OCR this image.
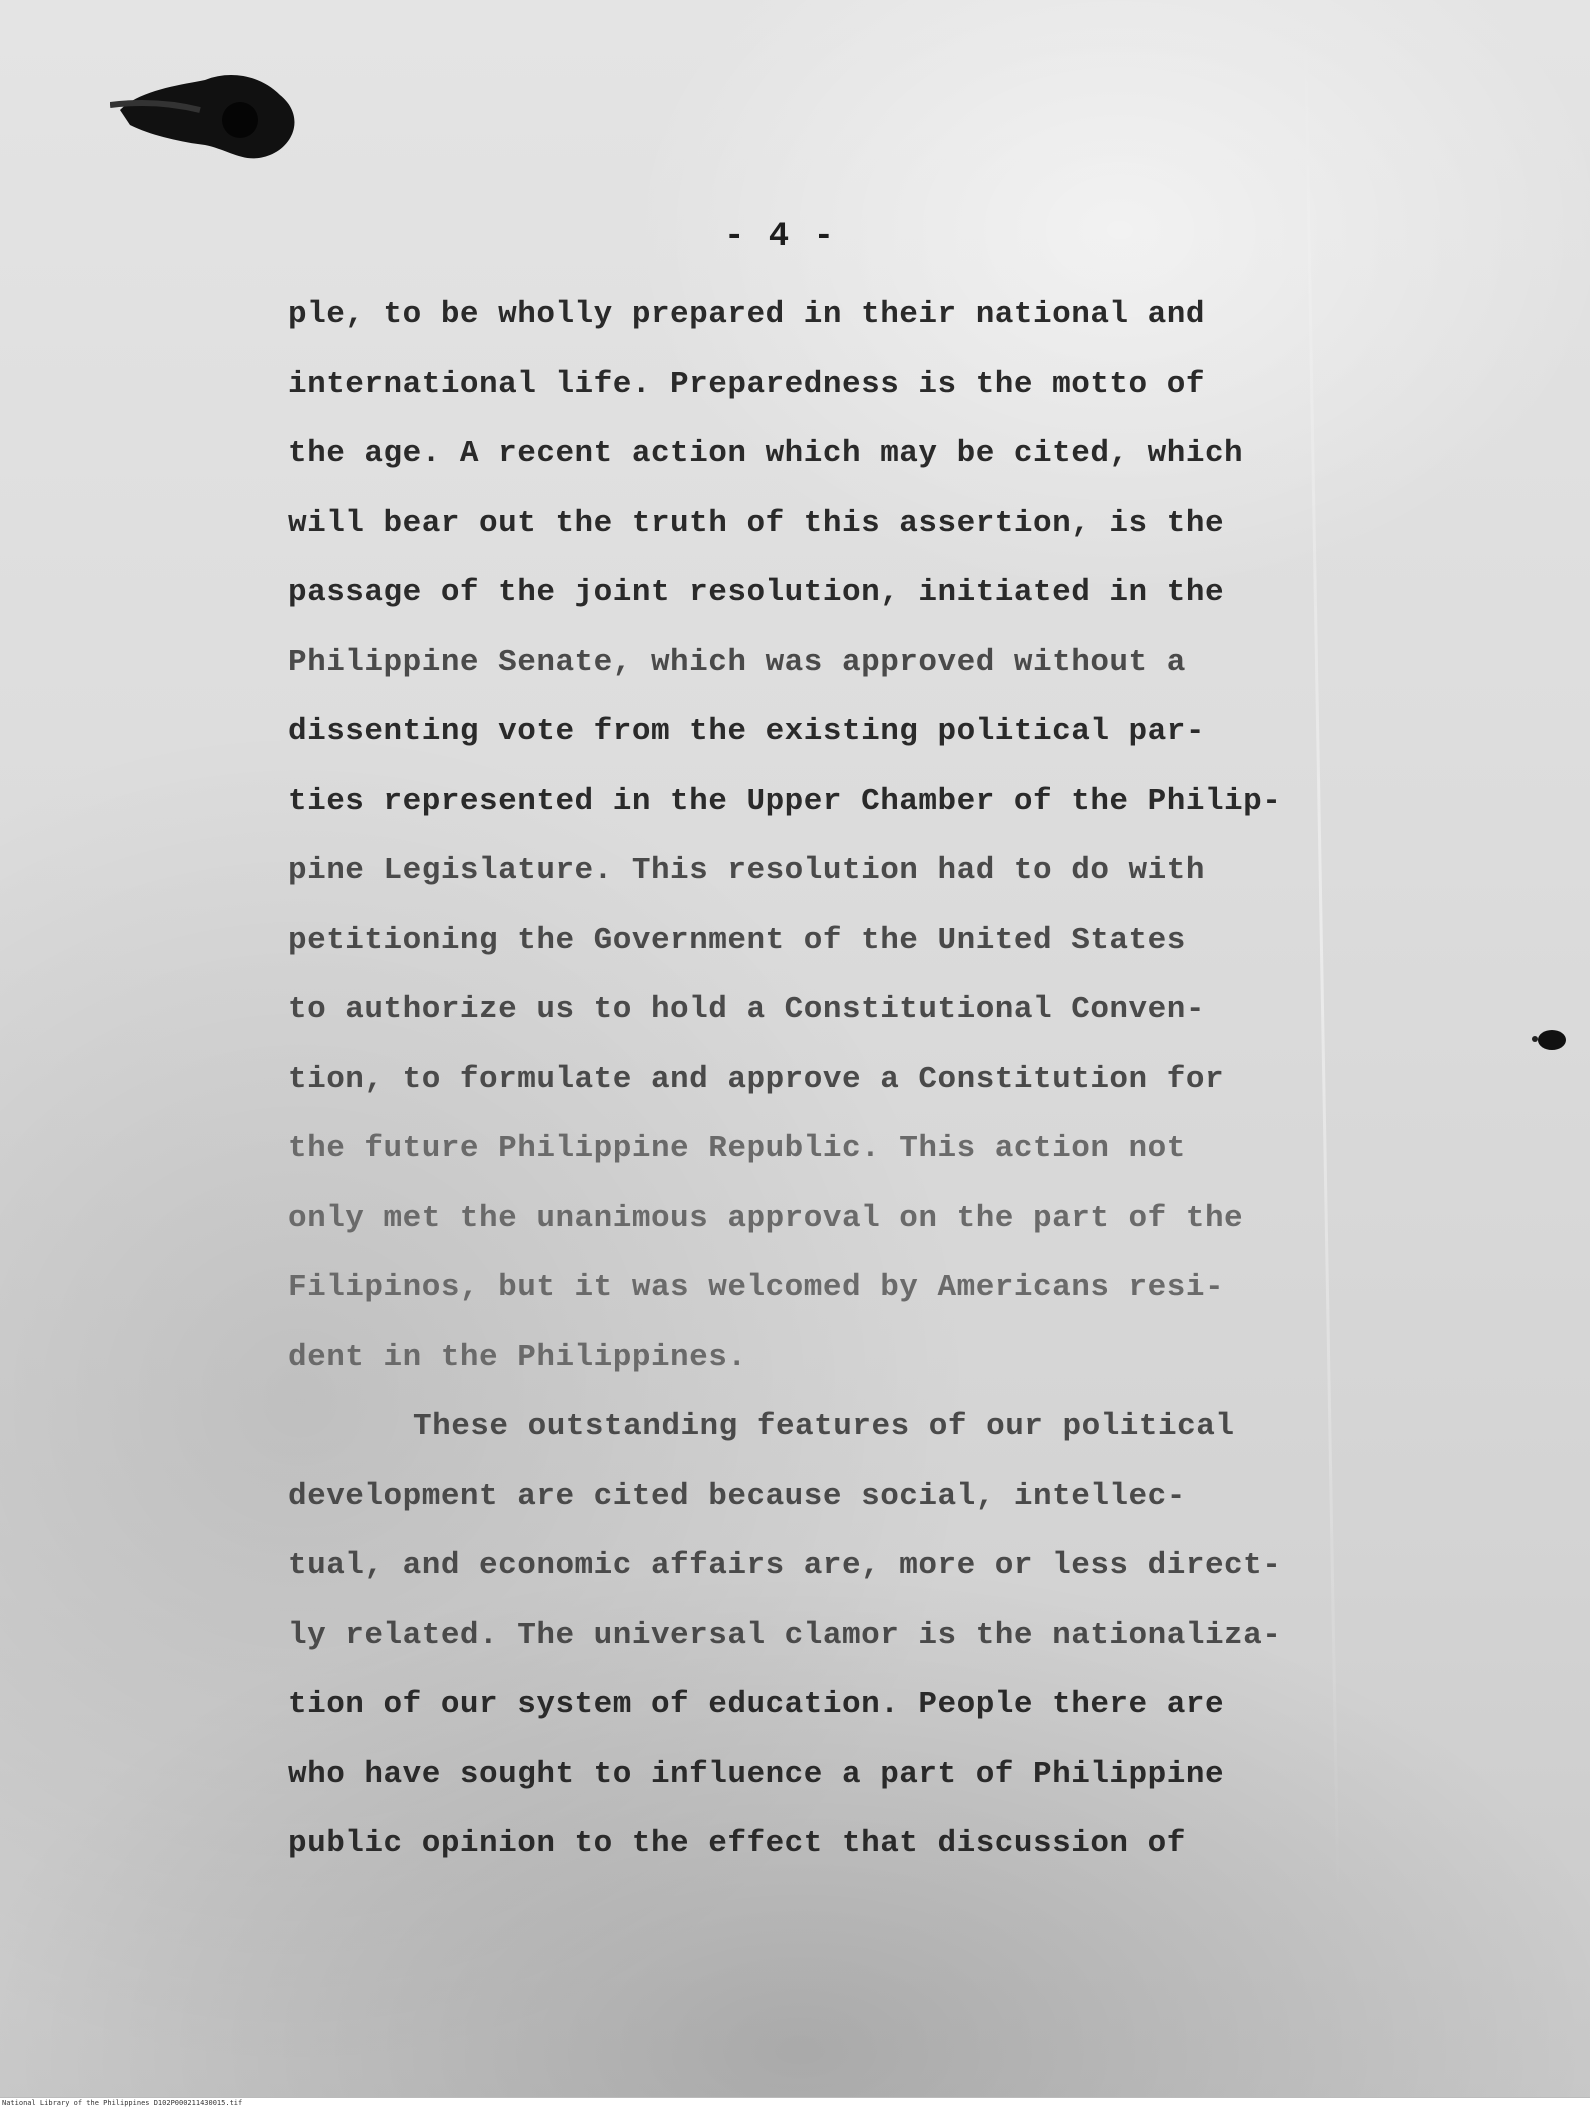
- 4 -
ple, to be wholly prepared in their national and
international life. Preparedness is the motto of
the age. A recent action which may be cited, which
will bear out the truth of this assertion, is the
passage of the joint resolution, initiated in the
Philippine Senate, which was approved without a
dissenting vote from the existing political par-
ties represented in the Upper Chamber of the Philip-
pine Legislature. This resolution had to do with
petitioning the Government of the United States
to authorize us to hold a Constitutional Conven-
tion, to formulate and approve a Constitution for
the future Philippine Republic. This action not
only met the unanimous approval on the part of the
Filipinos, but it was welcomed by Americans resi-
dent in the Philippines.
These outstanding features of our political
development are cited because social, intellec-
tual, and economic affairs are, more or less direct-
ly related. The universal clamor is the nationaliza-
tion of our system of education. People there are
who have sought to influence a part of Philippine
public opinion to the effect that discussion of
National Library of the Philippines D102P000211430015.tif
